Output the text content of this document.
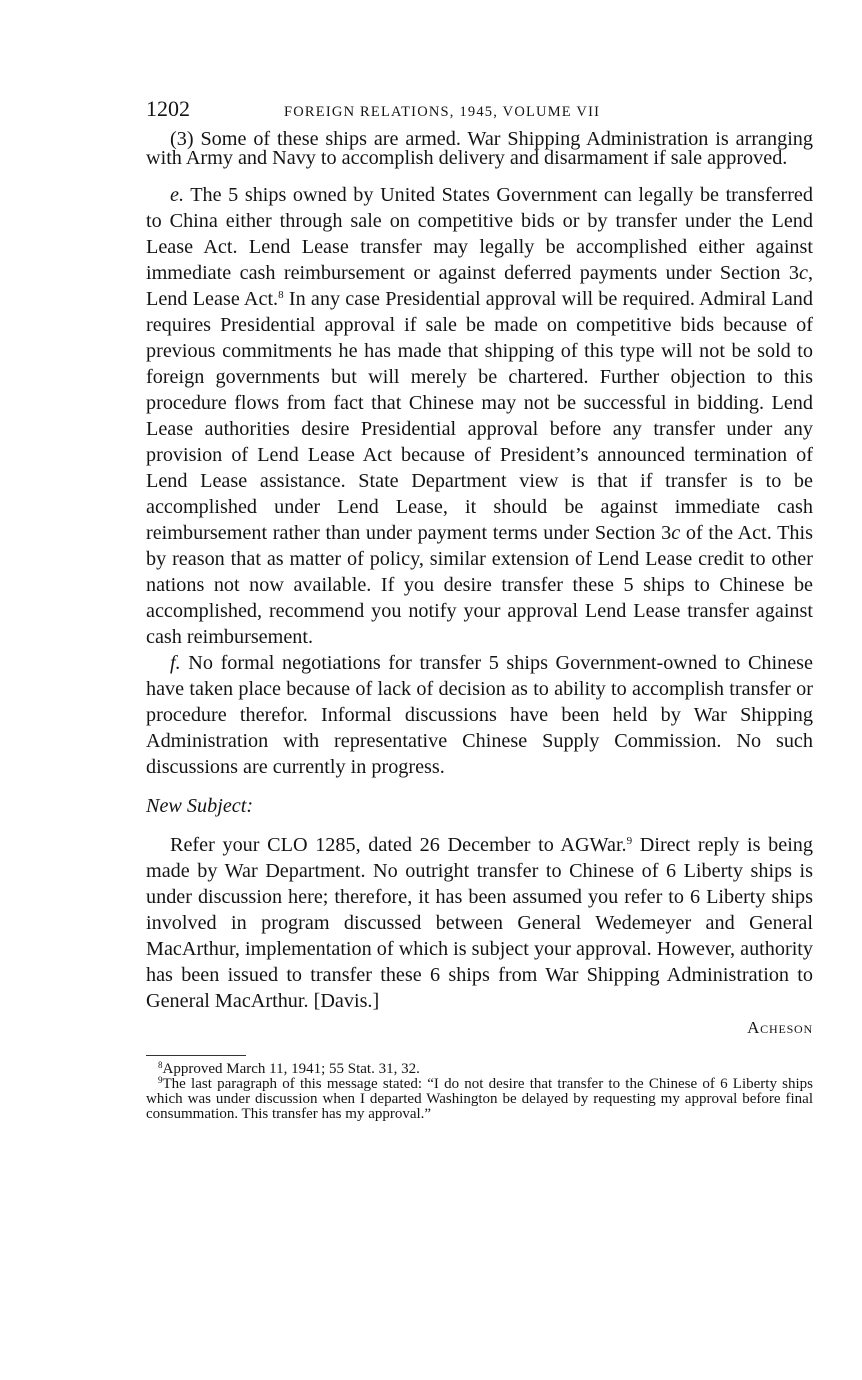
1202	FOREIGN RELATIONS, 1945, VOLUME VII

(3) Some of these ships are armed. War Shipping Administration is arranging with Army and Navy to accomplish delivery and disarmament if sale approved.

e. The 5 ships owned by United States Government can legally be transferred to China either through sale on competitive bids or by transfer under the Lend Lease Act. Lend Lease transfer may legally be accomplished either against immediate cash reimbursement or against deferred payments under Section 3c, Lend Lease Act.$^8$ In any case Presidential approval will be required. Admiral Land requires Presidential approval if sale be made on competitive bids because of previous commitments he has made that shipping of this type will not be sold to foreign governments but will merely be chartered. Further objection to this procedure flows from fact that Chinese may not be successful in bidding. Lend Lease authorities desire Presidential approval before any transfer under any provision of Lend Lease Act because of President’s announced termination of Lend Lease assistance. State Department view is that if transfer is to be accomplished under Lend Lease, it should be against immediate cash reimbursement rather than under payment terms under Section 3c of the Act. This by reason that as matter of policy, similar extension of Lend Lease credit to other nations not now available. If you desire transfer these 5 ships to Chinese be accomplished, recommend you notify your approval Lend Lease transfer against cash reimbursement.

f. No formal negotiations for transfer 5 ships Government-owned to Chinese have taken place because of lack of decision as to ability to accomplish transfer or procedure therefor. Informal discussions have been held by War Shipping Administration with representative Chinese Supply Commission. No such discussions are currently in progress.

New Subject:

Refer your CLO 1285, dated 26 December to AGWar.$^9$ Direct reply is being made by War Department. No outright transfer to Chinese of 6 Liberty ships is under discussion here; therefore, it has been assumed you refer to 6 Liberty ships involved in program discussed between General Wedemeyer and General MacArthur, implementation of which is subject your approval. However, authority has been issued to transfer these 6 ships from War Shipping Administration to General MacArthur. [Davis.]

Acheson

$^8$Approved March 11, 1941; 55 Stat. 31, 32.

$^9$The last paragraph of this message stated: “I do not desire that transfer to the Chinese of 6 Liberty ships which was under discussion when I departed Washington be delayed by requesting my approval before final consummation. This transfer has my approval.”
